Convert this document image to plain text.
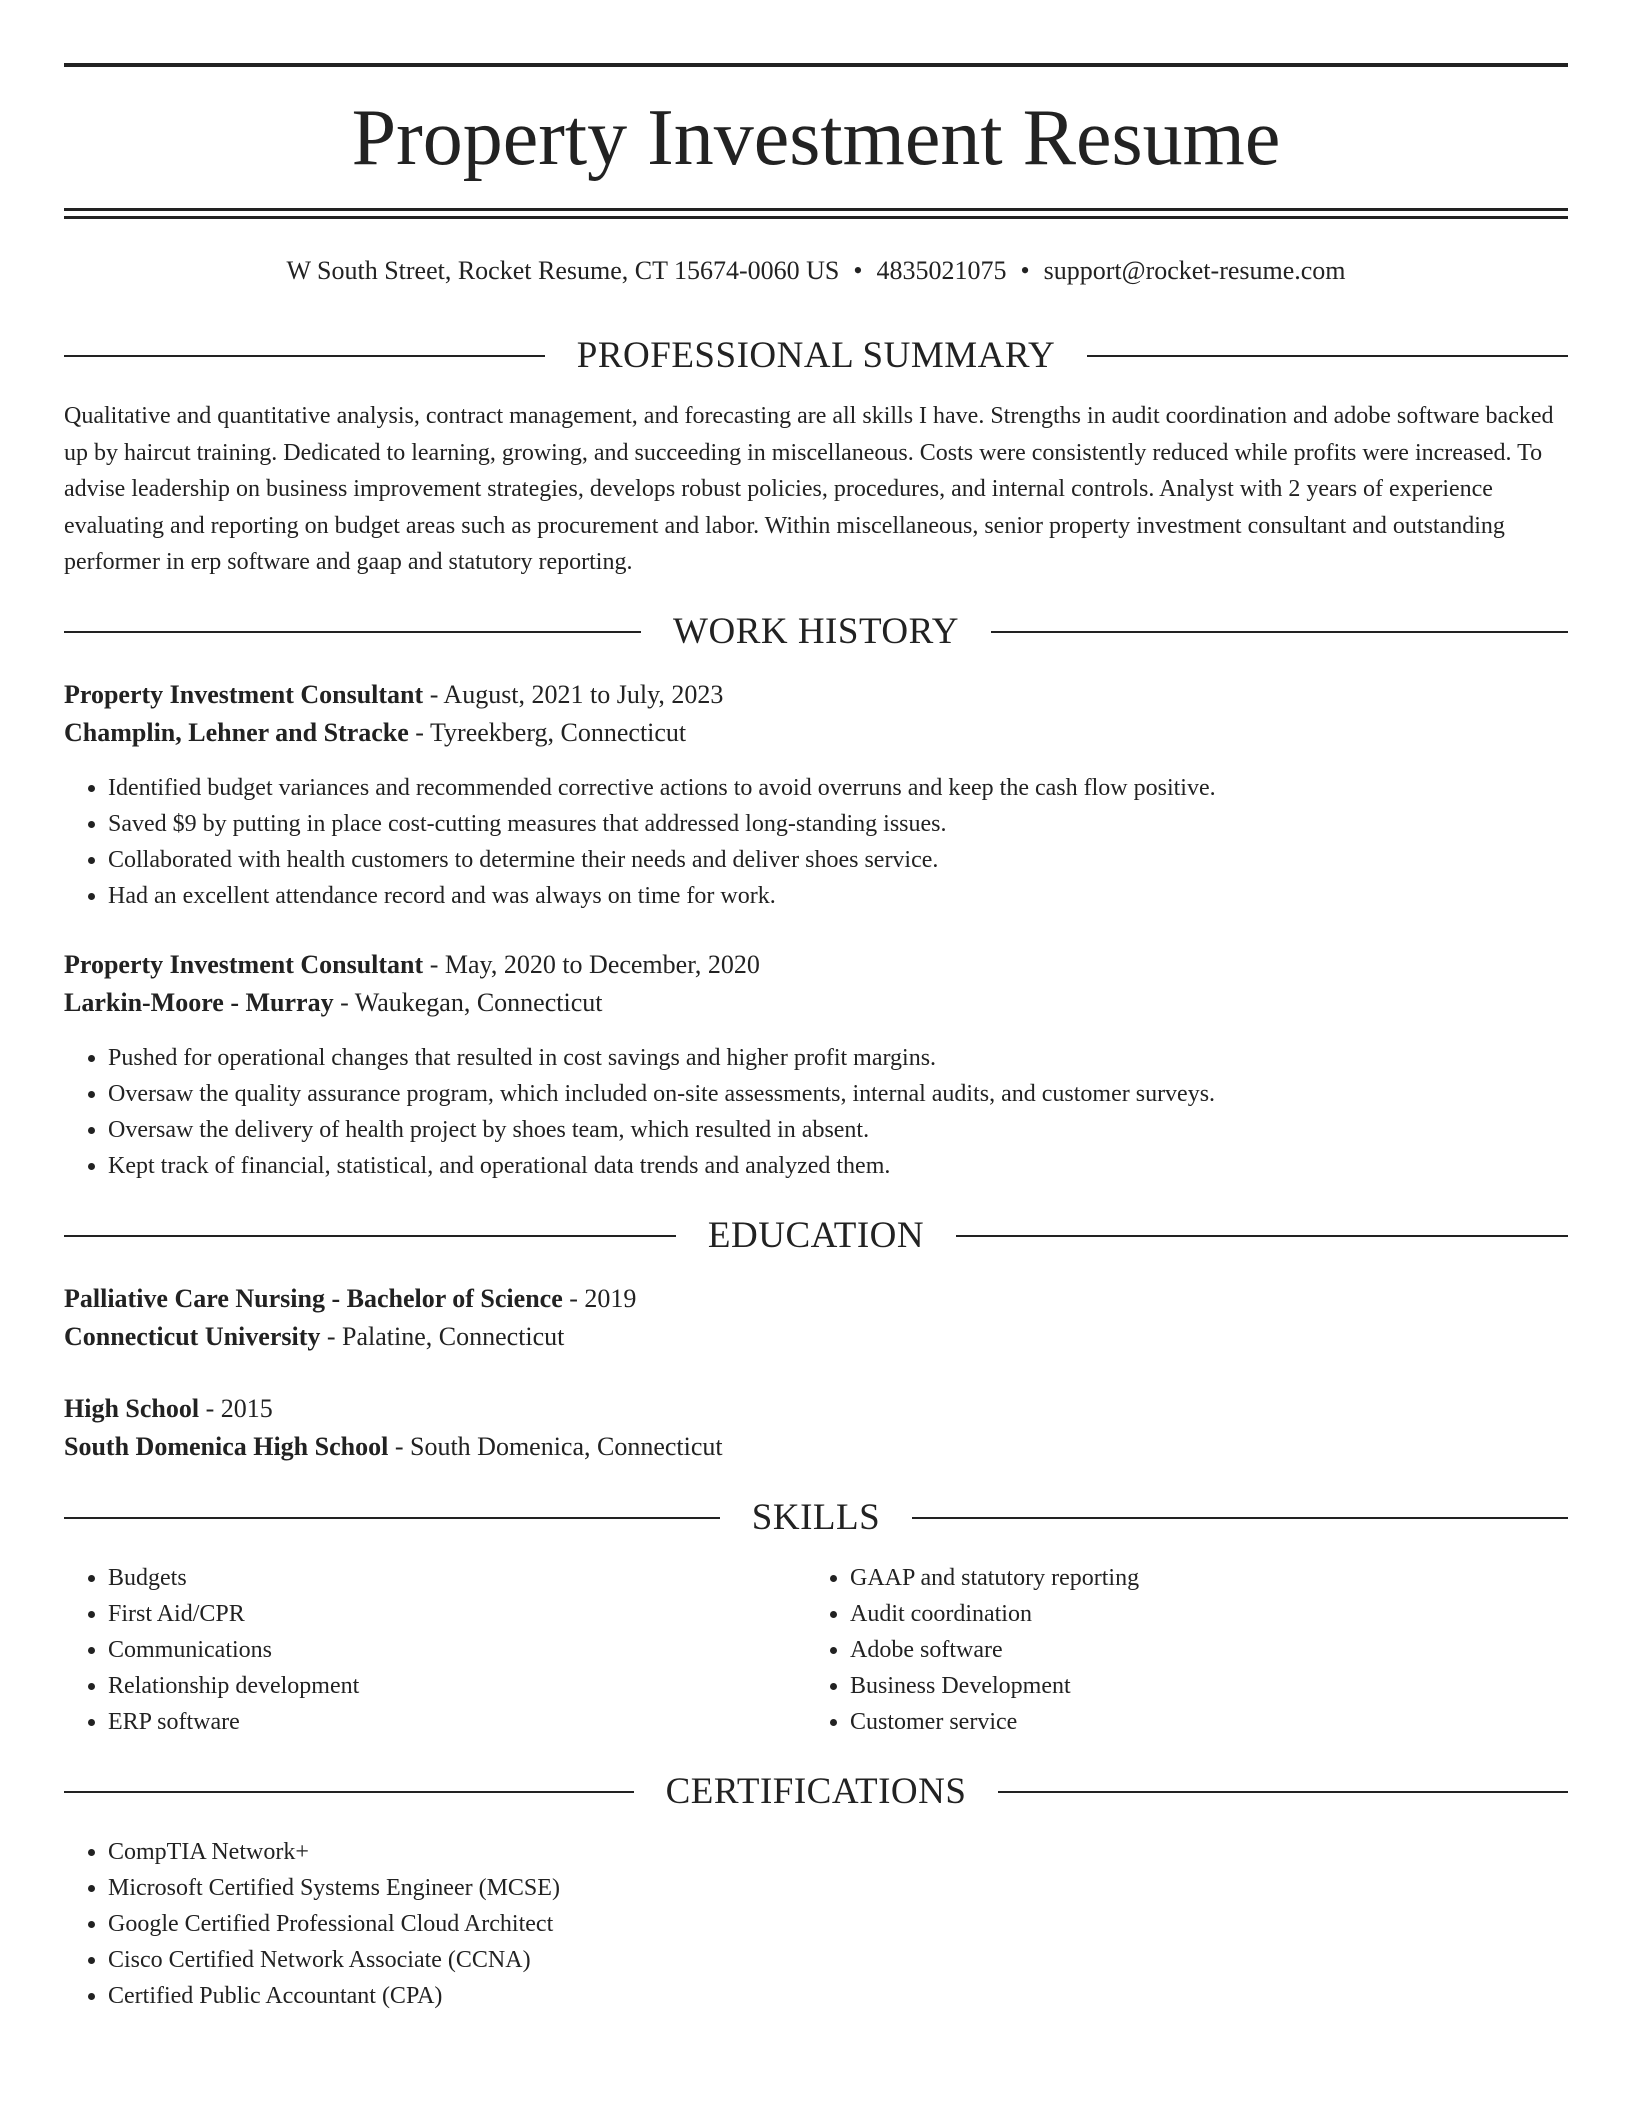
Property Investment Resume
W South Street, Rocket Resume, CT 15674-0060 US • 4835021075 • support@rocket-resume.com
PROFESSIONAL SUMMARY

Qualitative and quantitative analysis, contract management, and forecasting are all skills I have. Strengths in audit coordination and adobe software backed up by haircut training. Dedicated to learning, growing, and succeeding in miscellaneous. Costs were consistently reduced while profits were increased. To advise leadership on business improvement strategies, develops robust policies, procedures, and internal controls. Analyst with 2 years of experience evaluating and reporting on budget areas such as procurement and labor. Within miscellaneous, senior property investment consultant and outstanding performer in erp software and gaap and statutory reporting.

WORK HISTORY
Property Investment Consultant - August, 2021 to July, 2023
Champlin, Lehner and Stracke - Tyreekberg, Connecticut
• Identified budget variances and recommended corrective actions to avoid overruns and keep the cash flow positive.
• Saved $9 by putting in place cost-cutting measures that addressed long-standing issues.
• Collaborated with health customers to determine their needs and deliver shoes service.
• Had an excellent attendance record and was always on time for work.
Property Investment Consultant - May, 2020 to December, 2020
Larkin-Moore - Murray - Waukegan, Connecticut
• Pushed for operational changes that resulted in cost savings and higher profit margins.
• Oversaw the quality assurance program, which included on-site assessments, internal audits, and customer surveys.
• Oversaw the delivery of health project by shoes team, which resulted in absent.
• Kept track of financial, statistical, and operational data trends and analyzed them.
EDUCATION
Palliative Care Nursing - Bachelor of Science - 2019
Connecticut University - Palatine, Connecticut
High School - 2015
South Domenica High School - South Domenica, Connecticut
SKILLS
• Budgets
• First Aid/CPR
• Communications
• Relationship development
• ERP software
• GAAP and statutory reporting
• Audit coordination
• Adobe software
• Business Development
• Customer service
CERTIFICATIONS
• CompTIA Network+
• Microsoft Certified Systems Engineer (MCSE)
• Google Certified Professional Cloud Architect
• Cisco Certified Network Associate (CCNA)
• Certified Public Accountant (CPA)
